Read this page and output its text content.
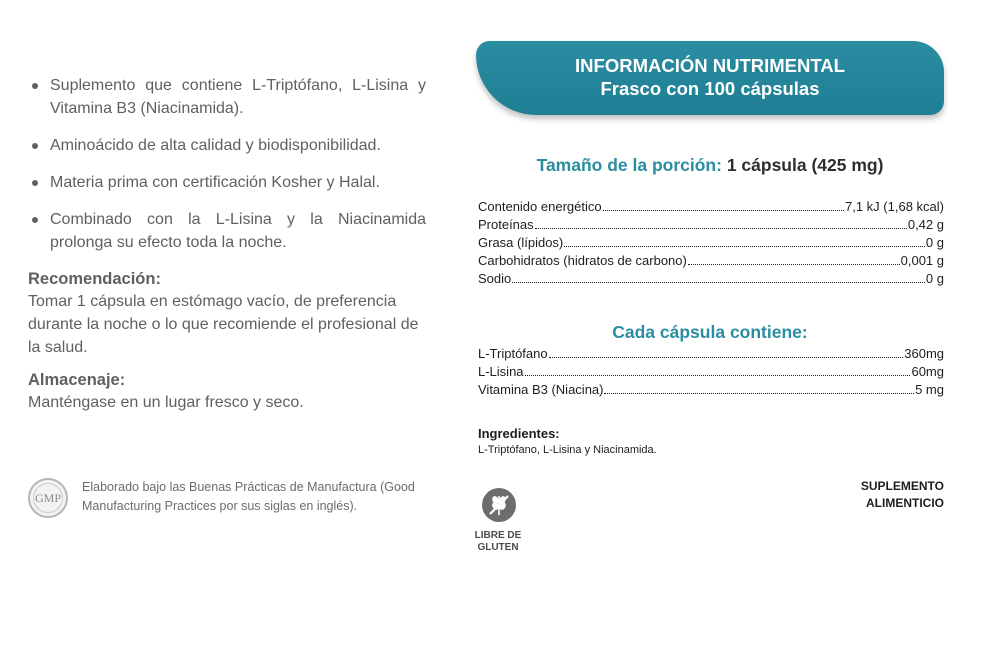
Suplemento que contiene L-Triptófano, L-Lisina y Vitamina B3 (Niacinamida).
Aminoácido de alta calidad y biodisponibilidad.
Materia prima con certificación Kosher y Halal.
Combinado con la L-Lisina y la Niacinamida prolonga su efecto toda la noche.
Recomendación:

Tomar 1 cápsula en estómago vacío, de preferencia durante la noche o lo que recomiende el profesional de la salud.

Almacenaje:

Manténgase en un lugar fresco y seco.

GMP
Elaborado bajo las Buenas Prácticas de Manufactura (Good Manufacturing Practices por sus siglas en inglés).
INFORMACIÓN NUTRIMENTAL
Frasco con 100 cápsulas
Tamaño de la porción: 1 cápsula (425 mg)
Contenido energético	7,1 kJ (1,68 kcal)
Proteínas	0,42 g
Grasa (lípidos)	0 g
Carbohidratos (hidratos de carbono)	0,001 g
Sodio	0 g
Cada cápsula contiene:
L-Triptófano	360mg
L-Lisina	60mg
Vitamina B3 (Niacina)	5 mg
Ingredientes:
L-Triptófano, L-Lisina y Niacinamida.
LIBRE DE
GLUTEN
SUPLEMENTO
ALIMENTICIO
